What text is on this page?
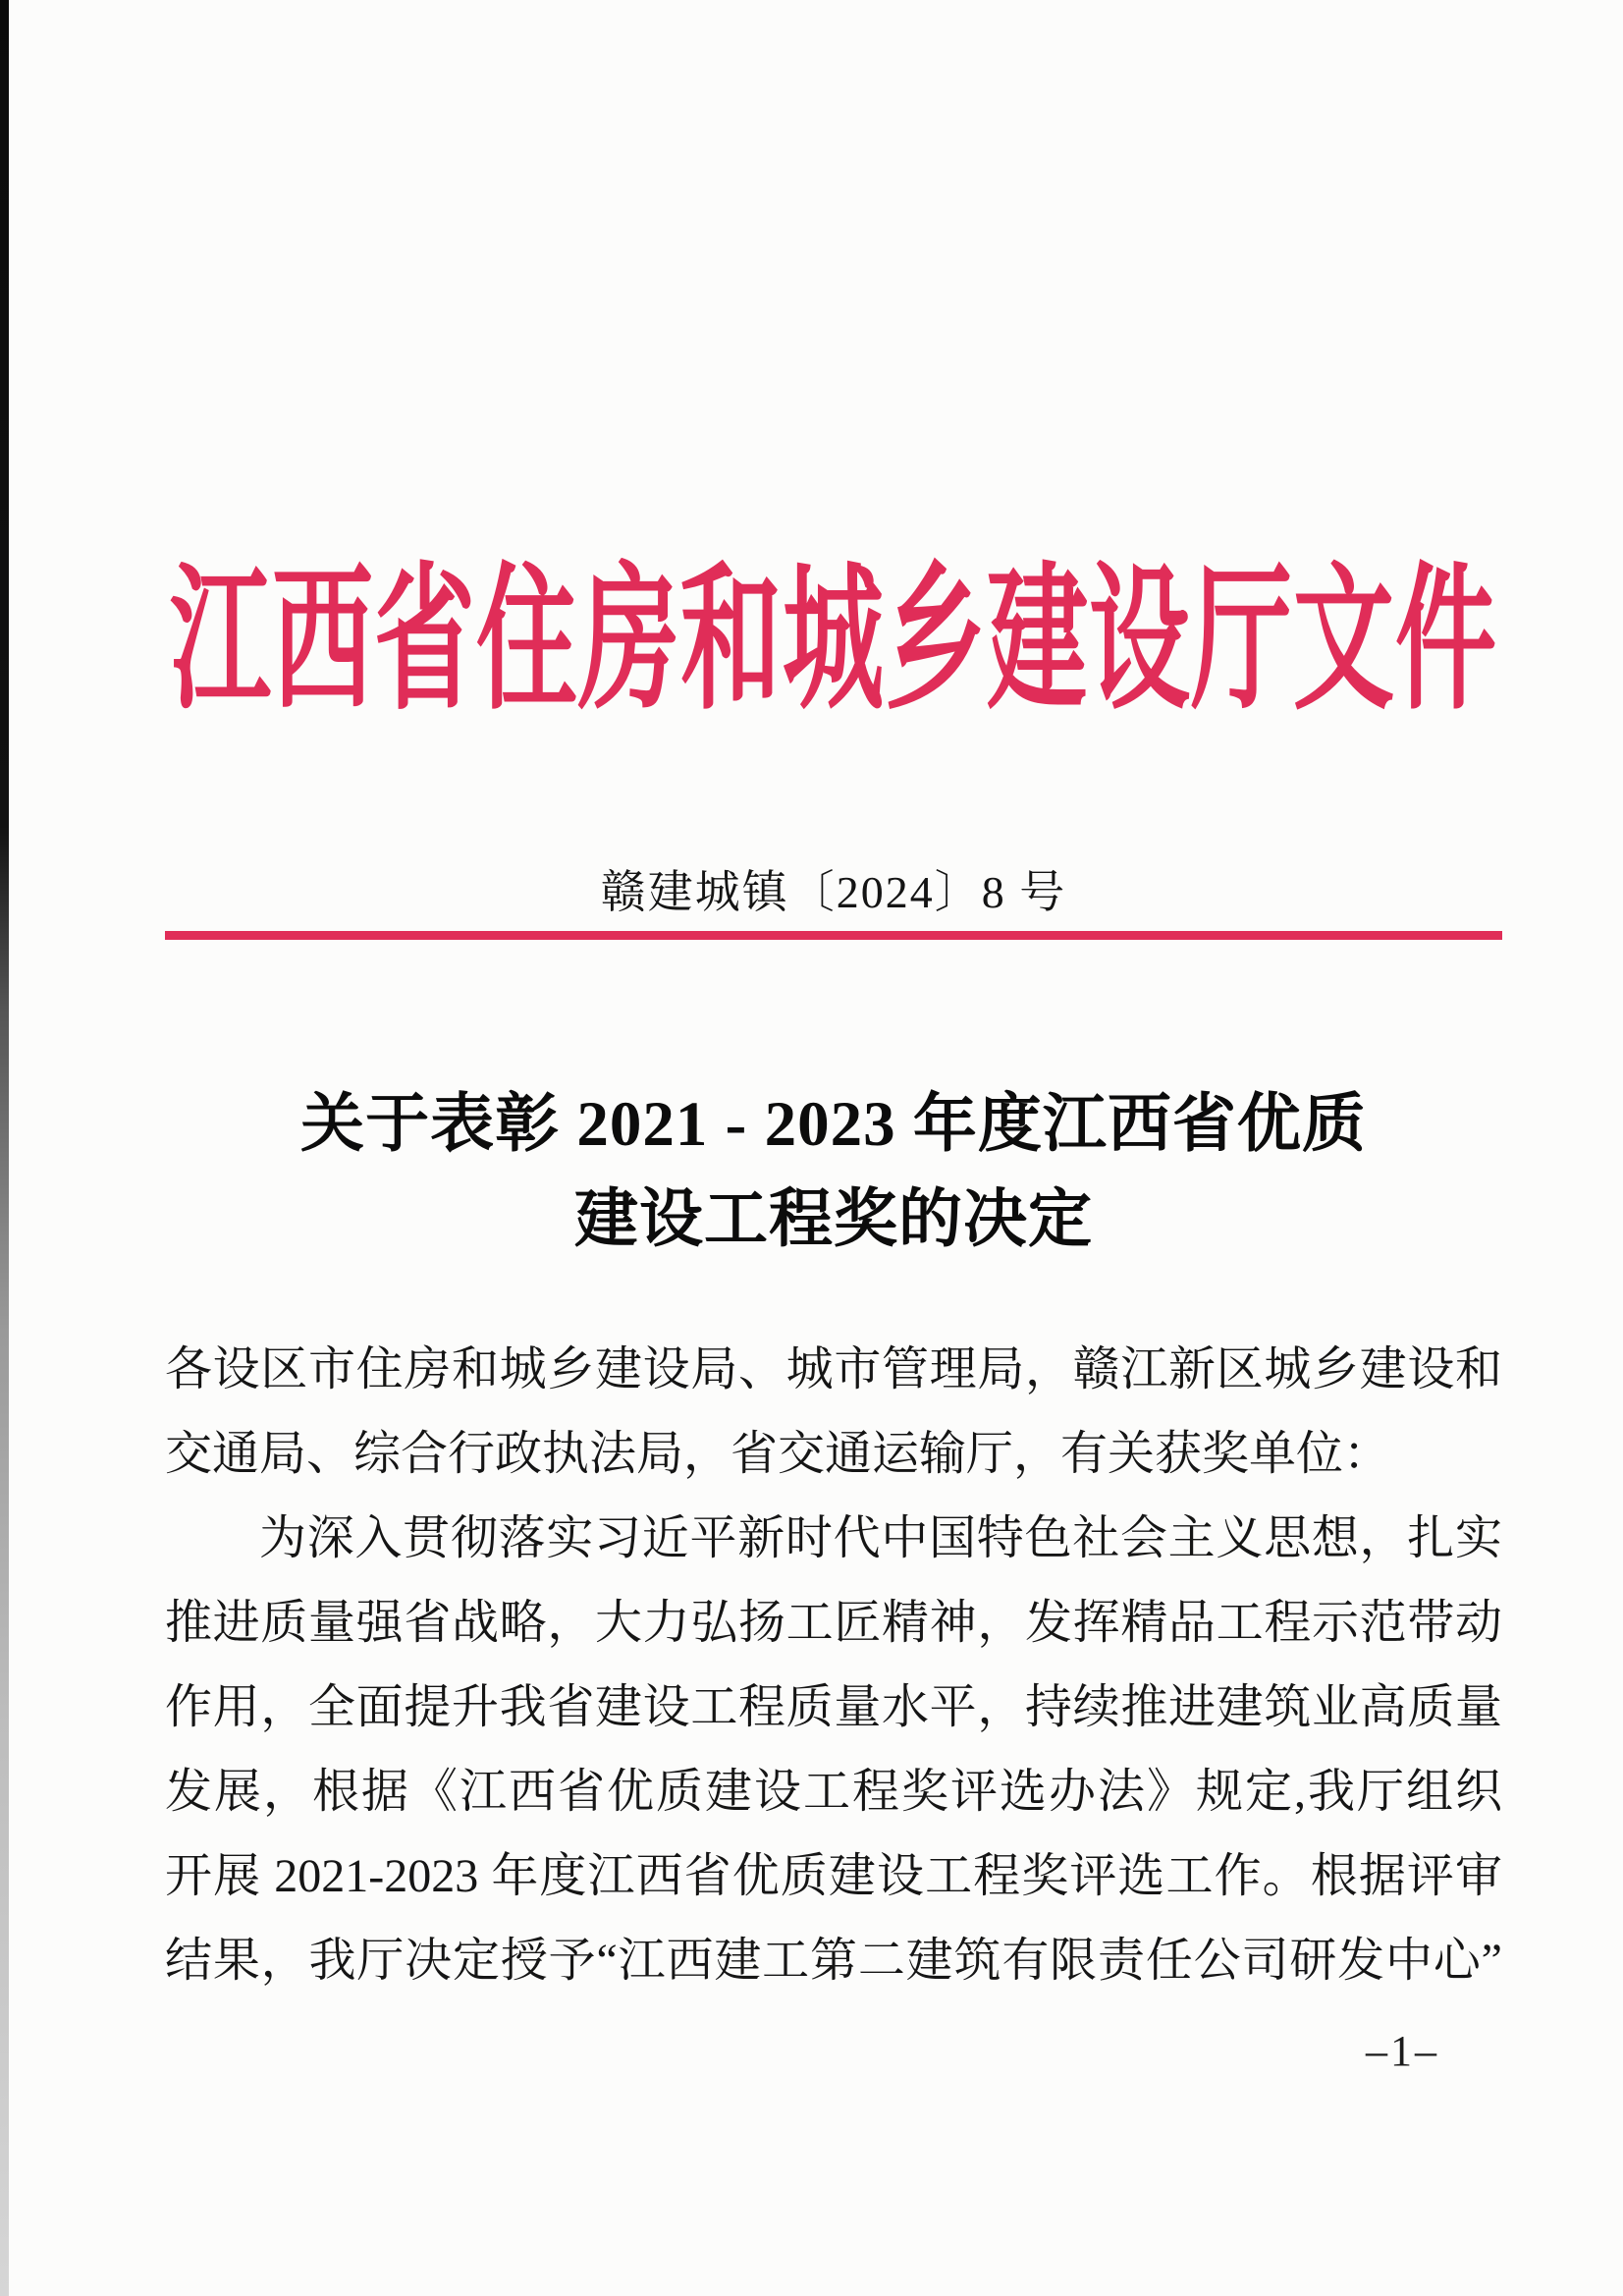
江西省住房和城乡建设厅文件
赣建城镇〔2024〕8 号
关于表彰 2021 - 2023 年度江西省优质
建设工程奖的决定
各设区市住房和城乡建设局、城市管理局，赣江新区城乡建设和
交通局、综合行政执法局，省交通运输厅，有关获奖单位：
为深入贯彻落实习近平新时代中国特色社会主义思想，扎实
推进质量强省战略，大力弘扬工匠精神，发挥精品工程示范带动
作用，全面提升我省建设工程质量水平，持续推进建筑业高质量
发展，根据《江西省优质建设工程奖评选办法》规定,我厅组织
开展 2021-2023 年度江西省优质建设工程奖评选工作。根据评审
结果，我厅决定授予“江西建工第二建筑有限责任公司研发中心”
–1–
